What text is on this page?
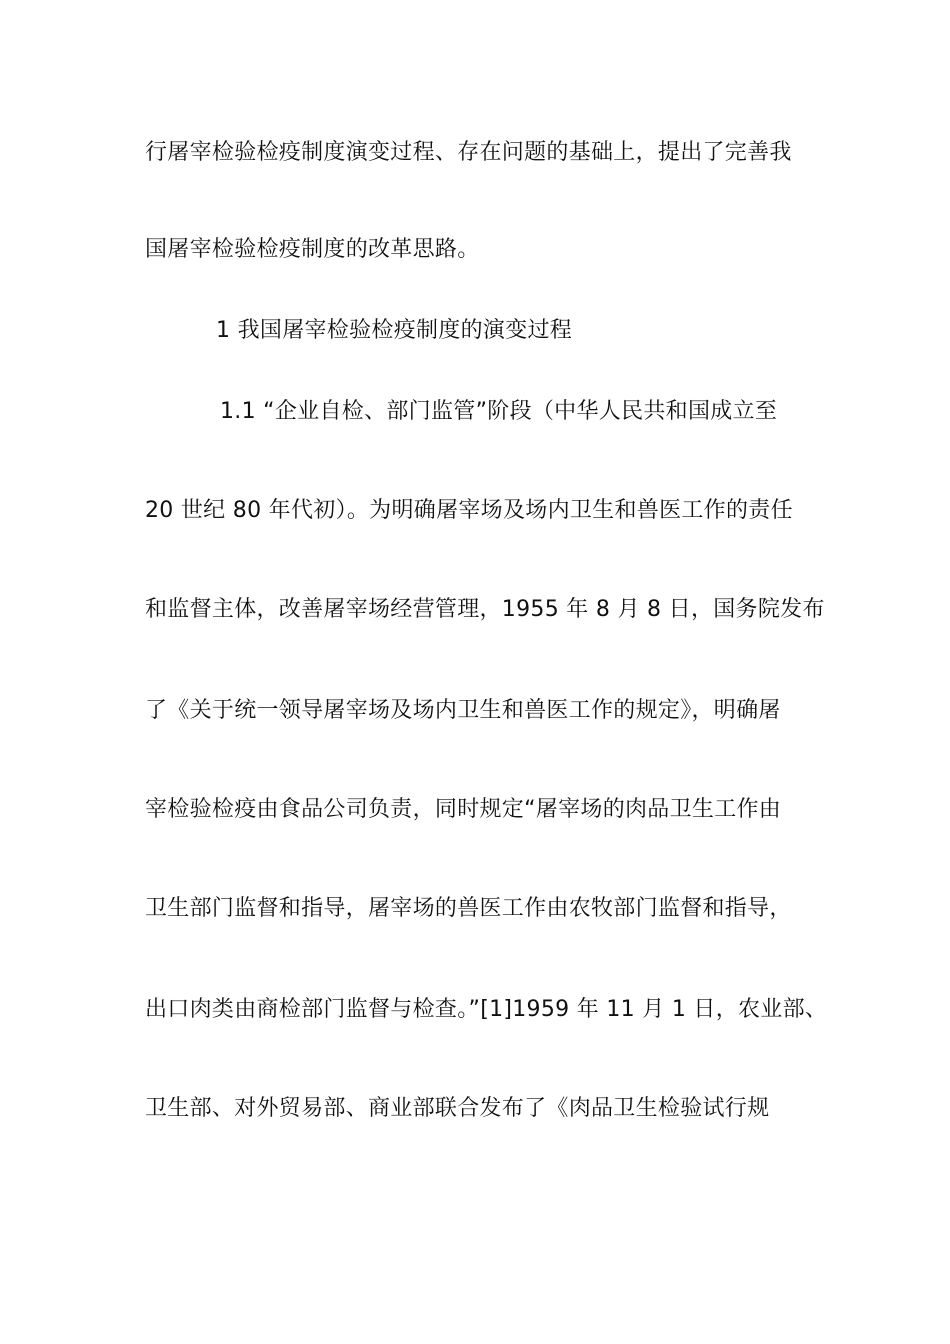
行屠宰检验检疫制度演变过程、存在问题的基础上，提出了完善我
国屠宰检验检疫制度的改革思路。
1 我国屠宰检验检疫制度的演变过程
1.1 “企业自检、部门监管”阶段（中华人民共和国成立至
20 世纪 80 年代初）。为明确屠宰场及场内卫生和兽医工作的责任
和监督主体，改善屠宰场经营管理，1955 年 8 月 8 日，国务院发布
了《关于统一领导屠宰场及场内卫生和兽医工作的规定》，明确屠
宰检验检疫由食品公司负责，同时规定“屠宰场的肉品卫生工作由
卫生部门监督和指导，屠宰场的兽医工作由农牧部门监督和指导，
出口肉类由商检部门监督与检查。”[1]1959 年 11 月 1 日，农业部、
卫生部、对外贸易部、商业部联合发布了《肉品卫生检验试行规
